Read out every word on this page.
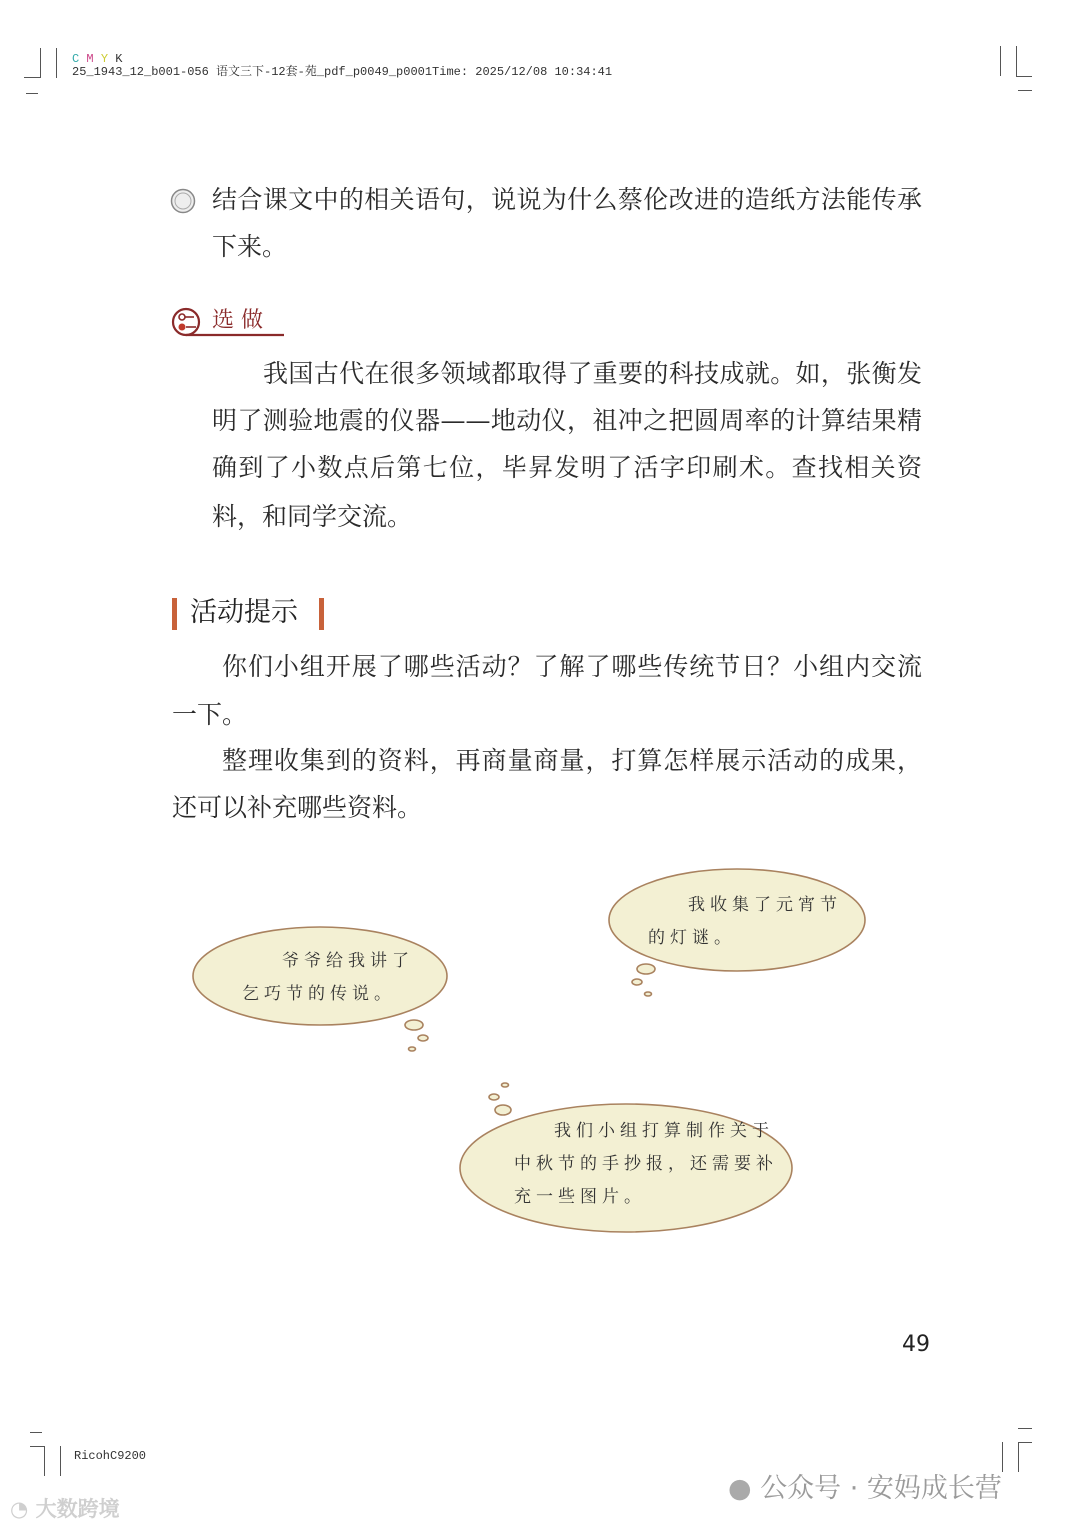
C M Y K
25_1943_12_b001-056 语文三下-12套-苑_pdf_p0049_p0001Time: 2025/12/08 10:34:41
结合课文中的相关语句，说说为什么蔡伦改进的造纸方法能传承
下来。
选 做
我国古代在很多领域都取得了重要的科技成就。如，张衡发
明了测验地震的仪器——地动仪，祖冲之把圆周率的计算结果精
确到了小数点后第七位，毕昇发明了活字印刷术。查找相关资
料，和同学交流。
活动提示
你们小组开展了哪些活动？了解了哪些传统节日？小组内交流
一下。
整理收集到的资料，再商量商量，打算怎样展示活动的成果，
还可以补充哪些资料。
爷爷给我讲了
乞巧节的传说。
我收集了元宵节
的灯谜。
我们小组打算制作关于
中秋节的手抄报，还需要补
充一些图片。
49
RicohC9200
◔ 大数跨境
● 公众号 · 安妈成长营
